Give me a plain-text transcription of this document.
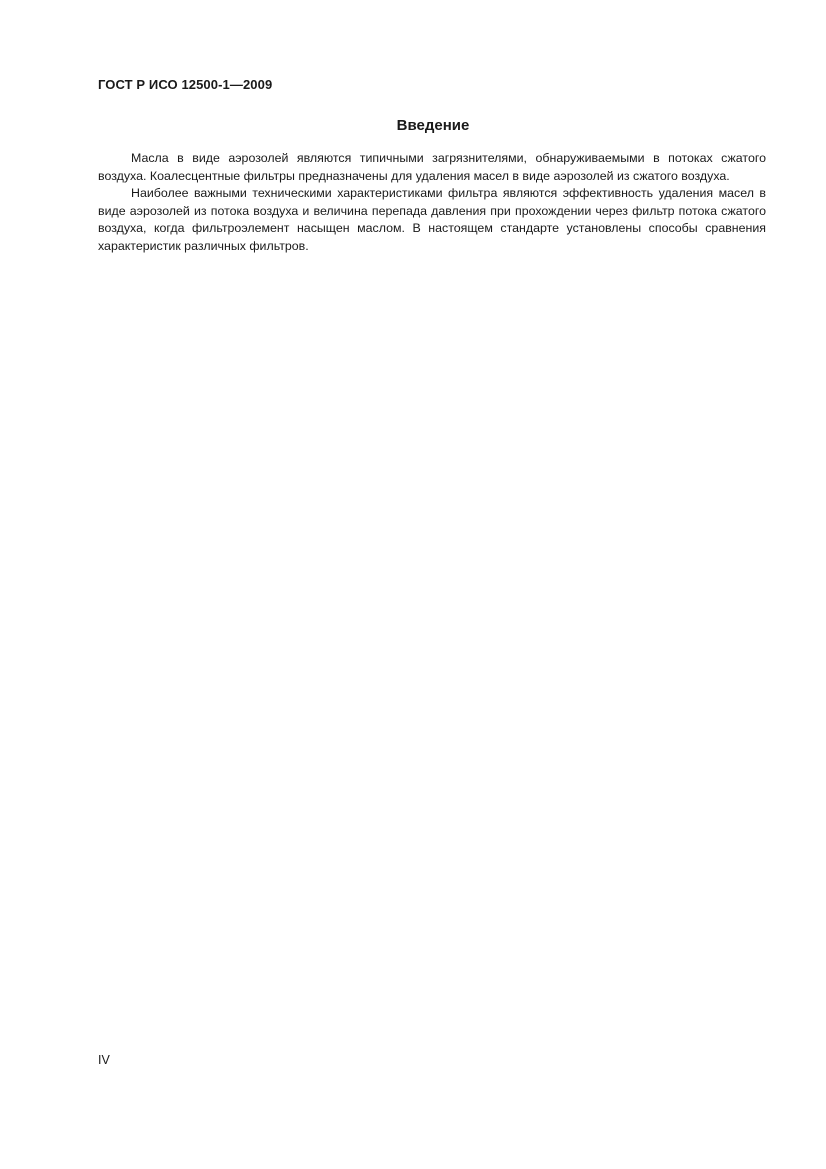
ГОСТ Р ИСО 12500-1—2009
Введение

Масла в виде аэрозолей являются типичными загрязнителями, обнаруживаемыми в потоках сжатого воздуха. Коалесцентные фильтры предназначены для удаления масел в виде аэрозолей из сжатого воздуха.

Наиболее важными техническими характеристиками фильтра являются эффективность удаления масел в виде аэрозолей из потока воздуха и величина перепада давления при прохождении через фильтр потока сжатого воздуха, когда фильтроэлемент насыщен маслом. В настоящем стандарте установлены способы сравнения характеристик различных фильтров.

IV
